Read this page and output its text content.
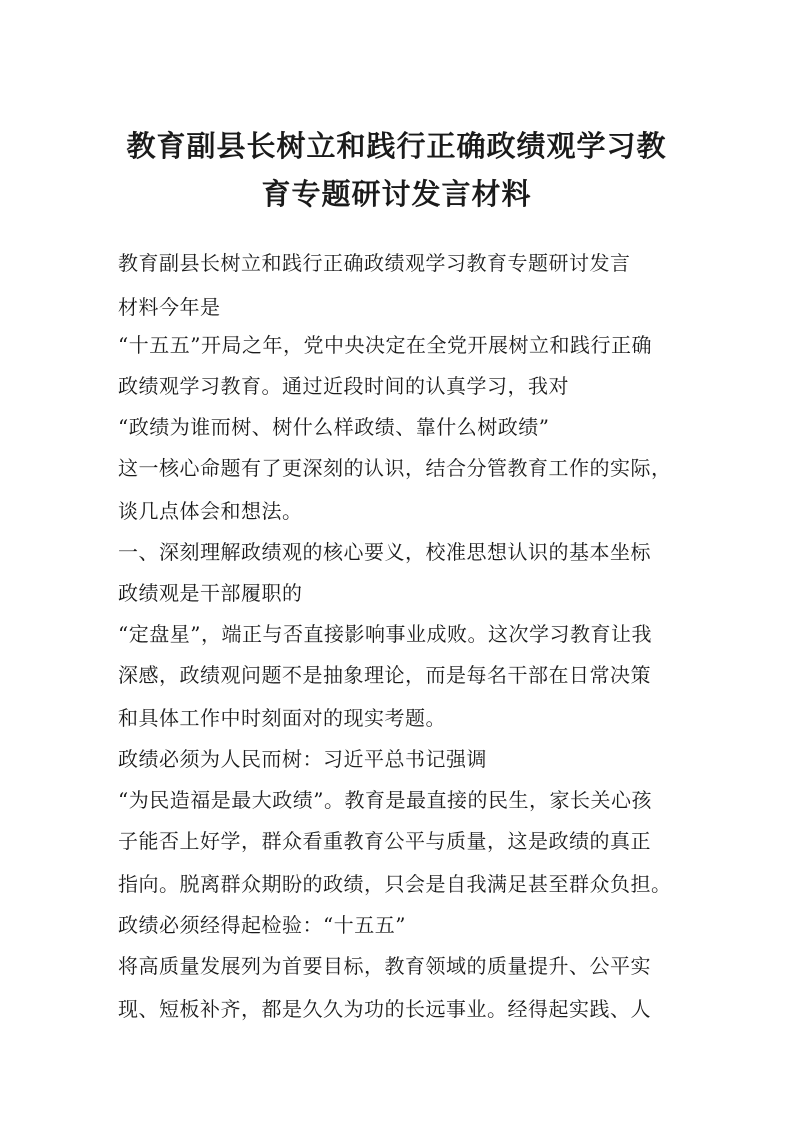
教育副县长树立和践行正确政绩观学习教
育专题研讨发言材料

教育副县长树立和践行正确政绩观学习教育专题研讨发言

材料今年是

“十五五”开局之年，党中央决定在全党开展树立和践行正确

政绩观学习教育。通过近段时间的认真学习，我对

“政绩为谁而树、树什么样政绩、靠什么树政绩”

这一核心命题有了更深刻的认识，结合分管教育工作的实际，

谈几点体会和想法。

一、深刻理解政绩观的核心要义，校准思想认识的基本坐标

政绩观是干部履职的

“定盘星”，端正与否直接影响事业成败。这次学习教育让我

深感，政绩观问题不是抽象理论，而是每名干部在日常决策

和具体工作中时刻面对的现实考题。

政绩必须为人民而树：习近平总书记强调

“为民造福是最大政绩”。教育是最直接的民生，家长关心孩

子能否上好学，群众看重教育公平与质量，这是政绩的真正

指向。脱离群众期盼的政绩，只会是自我满足甚至群众负担。

政绩必须经得起检验：“十五五”

将高质量发展列为首要目标，教育领域的质量提升、公平实

现、短板补齐，都是久久为功的长远事业。经得起实践、人
